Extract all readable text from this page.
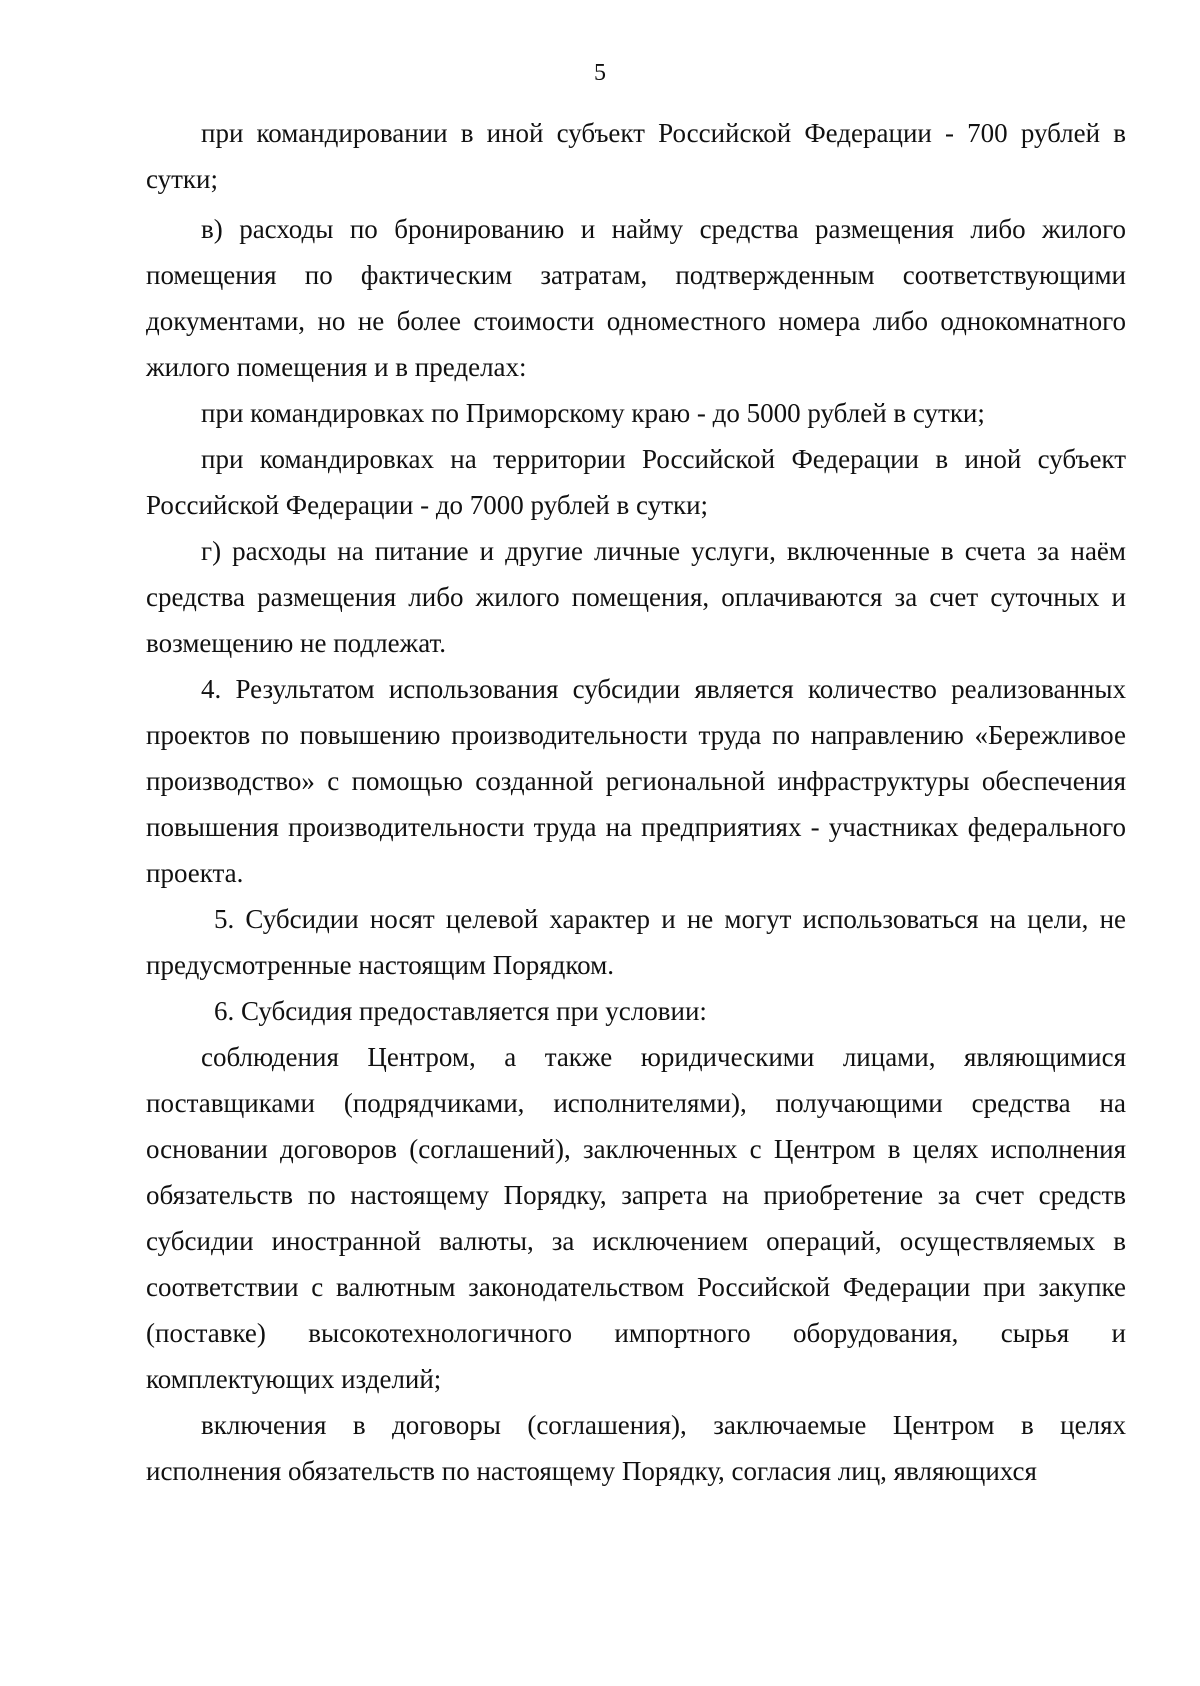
5

при командировании в иной субъект Российской Федерации - 700 рублей в сутки;

в) расходы по бронированию и найму средства размещения либо жилого помещения по фактическим затратам, подтвержденным соответствующими документами, но не более стоимости одноместного номера либо однокомнатного жилого помещения и в пределах:

при командировках по Приморскому краю - до 5000 рублей в сутки;

при командировках на территории Российской Федерации в иной субъект Российской Федерации - до 7000 рублей в сутки;

г) расходы на питание и другие личные услуги, включенные в счета за наём средства размещения либо жилого помещения, оплачиваются за счет суточных и возмещению не подлежат.

4. Результатом использования субсидии является количество реализованных проектов по повышению производительности труда по направлению «Бережливое производство» с помощью созданной региональной инфраструктуры обеспечения повышения производительности труда на предприятиях - участниках федерального проекта.

5. Субсидии носят целевой характер и не могут использоваться на цели, не предусмотренные настоящим Порядком.

6. Субсидия предоставляется при условии:

соблюдения Центром, а также юридическими лицами, являющимися поставщиками (подрядчиками, исполнителями), получающими средства на основании договоров (соглашений), заключенных с Центром в целях исполнения обязательств по настоящему Порядку, запрета на приобретение за счет средств субсидии иностранной валюты, за исключением операций, осуществляемых в соответствии с валютным законодательством Российской Федерации при закупке (поставке) высокотехнологичного импортного оборудования, сырья и комплектующих изделий;

включения в договоры (соглашения), заключаемые Центром в целях исполнения обязательств по настоящему Порядку, согласия лиц, являющихся
